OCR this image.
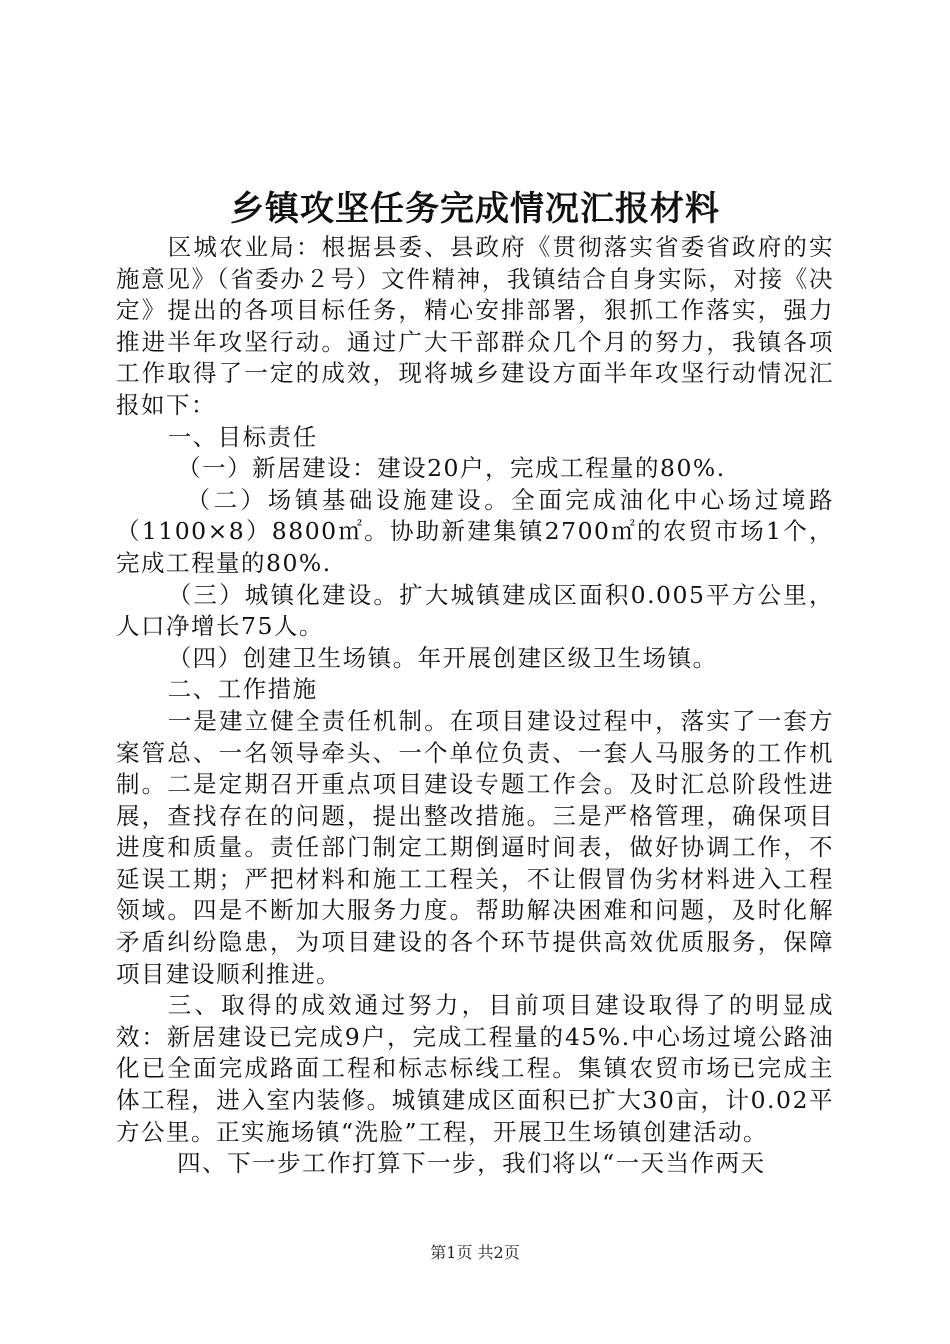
乡镇攻坚任务完成情况汇报材料

区城农业局：根据县委、县政府《贯彻落实省委省政府的实施意见》（省委办２号）文件精神，我镇结合自身实际，对接《决定》提出的各项目标任务，精心安排部署，狠抓工作落实，强力推进半年攻坚行动。通过广大干部群众几个月的努力，我镇各项工作取得了一定的成效，现将城乡建设方面半年攻坚行动情况汇报如下：

一、目标责任

（一）新居建设：建设20户，完成工程量的80%.

（二）场镇基础设施建设。全面完成油化中心场过境路（1100×8）8800㎡。协助新建集镇2700㎡的农贸市场1个，完成工程量的80%.

（三）城镇化建设。扩大城镇建成区面积0.005平方公里，人口净增长75人。

（四）创建卫生场镇。年开展创建区级卫生场镇。

二、工作措施

一是建立健全责任机制。在项目建设过程中，落实了一套方案管总、一名领导牵头、一个单位负责、一套人马服务的工作机制。二是定期召开重点项目建设专题工作会。及时汇总阶段性进展，查找存在的问题，提出整改措施。三是严格管理，确保项目进度和质量。责任部门制定工期倒逼时间表，做好协调工作，不延误工期；严把材料和施工工程关，不让假冒伪劣材料进入工程领域。四是不断加大服务力度。帮助解决困难和问题，及时化解矛盾纠纷隐患，为项目建设的各个环节提供高效优质服务，保障项目建设顺利推进。

三、取得的成效通过努力，目前项目建设取得了的明显成效：新居建设已完成9户，完成工程量的45%.中心场过境公路油化已全面完成路面工程和标志标线工程。集镇农贸市场已完成主体工程，进入室内装修。城镇建成区面积已扩大30亩，计0.02平方公里。正实施场镇“洗脸”工程，开展卫生场镇创建活动。

四、下一步工作打算下一步，我们将以“一天当作两天

第1页 共2页
